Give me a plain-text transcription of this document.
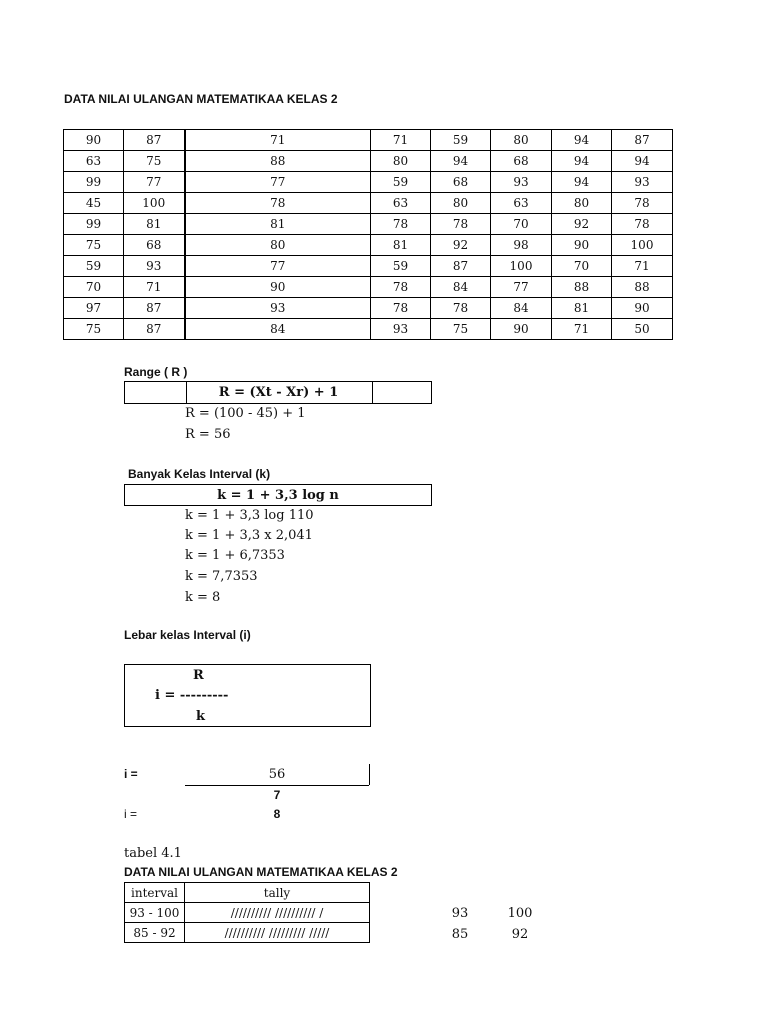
DATA NILAI ULANGAN MATEMATIKAA KELAS 2
90	87	71	71	59	80	94	87
63	75	88	80	94	68	94	94
99	77	77	59	68	93	94	93
45	100	78	63	80	63	80	78
99	81	81	78	78	70	92	78
75	68	80	81	92	98	90	100
59	93	77	59	87	100	70	71
70	71	90	78	84	77	88	88
97	87	93	78	78	84	81	90
75	87	84	93	75	90	71	50
Range ( R )
R = (Xt - Xr) + 1
R = (100 - 45) + 1
R = 56
Banyak Kelas Interval (k)
k = 1 + 3,3 log n
k = 1 + 3,3 log 110
k = 1 + 3,3 x 2,041
k = 1 + 6,7353
k = 7,7353
k = 8
Lebar kelas Interval (i)
R
i = ---------
k
i =	56
7
i =	8
tabel 4.1
DATA NILAI ULANGAN MATEMATIKAA KELAS 2
interval	tally
93 - 100	////////// ////////// /
85 - 92	////////// ///////// /////
93	100
85	92
